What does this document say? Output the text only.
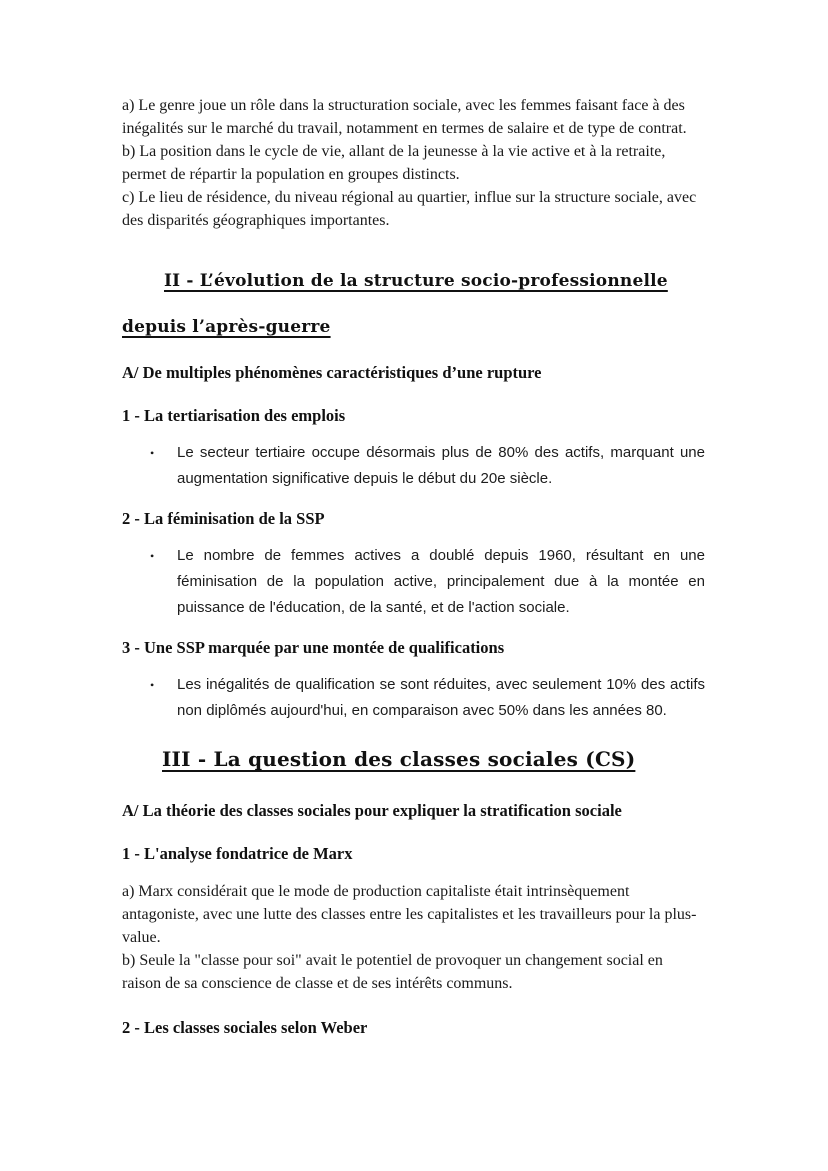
a) Le genre joue un rôle dans la structuration sociale, avec les femmes faisant face à des inégalités sur le marché du travail, notamment en termes de salaire et de type de contrat.

b) La position dans le cycle de vie, allant de la jeunesse à la vie active et à la retraite, permet de répartir la population en groupes distincts.

c) Le lieu de résidence, du niveau régional au quartier, influe sur la structure sociale, avec des disparités géographiques importantes.

II - L’évolution de la structure socio-professionnelle depuis l’après-guerre
A/ De multiples phénomènes caractéristiques d’une rupture
1 - La tertiarisation des emplois
•	Le secteur tertiaire occupe désormais plus de 80% des actifs, marquant une augmentation significative depuis le début du 20e siècle.
2 - La féminisation de la SSP
•	Le nombre de femmes actives a doublé depuis 1960, résultant en une féminisation de la population active, principalement due à la montée en puissance de l'éducation, de la santé, et de l'action sociale.
3 - Une SSP marquée par une montée de qualifications
•	Les inégalités de qualification se sont réduites, avec seulement 10% des actifs non diplômés aujourd'hui, en comparaison avec 50% dans les années 80.
III - La question des classes sociales (CS)
A/ La théorie des classes sociales pour expliquer la stratification sociale
1 - L'analyse fondatrice de Marx

a) Marx considérait que le mode de production capitaliste était intrinsèquement antagoniste, avec une lutte des classes entre les capitalistes et les travailleurs pour la plus-value.

b) Seule la "classe pour soi" avait le potentiel de provoquer un changement social en raison de sa conscience de classe et de ses intérêts communs.

2 - Les classes sociales selon Weber
